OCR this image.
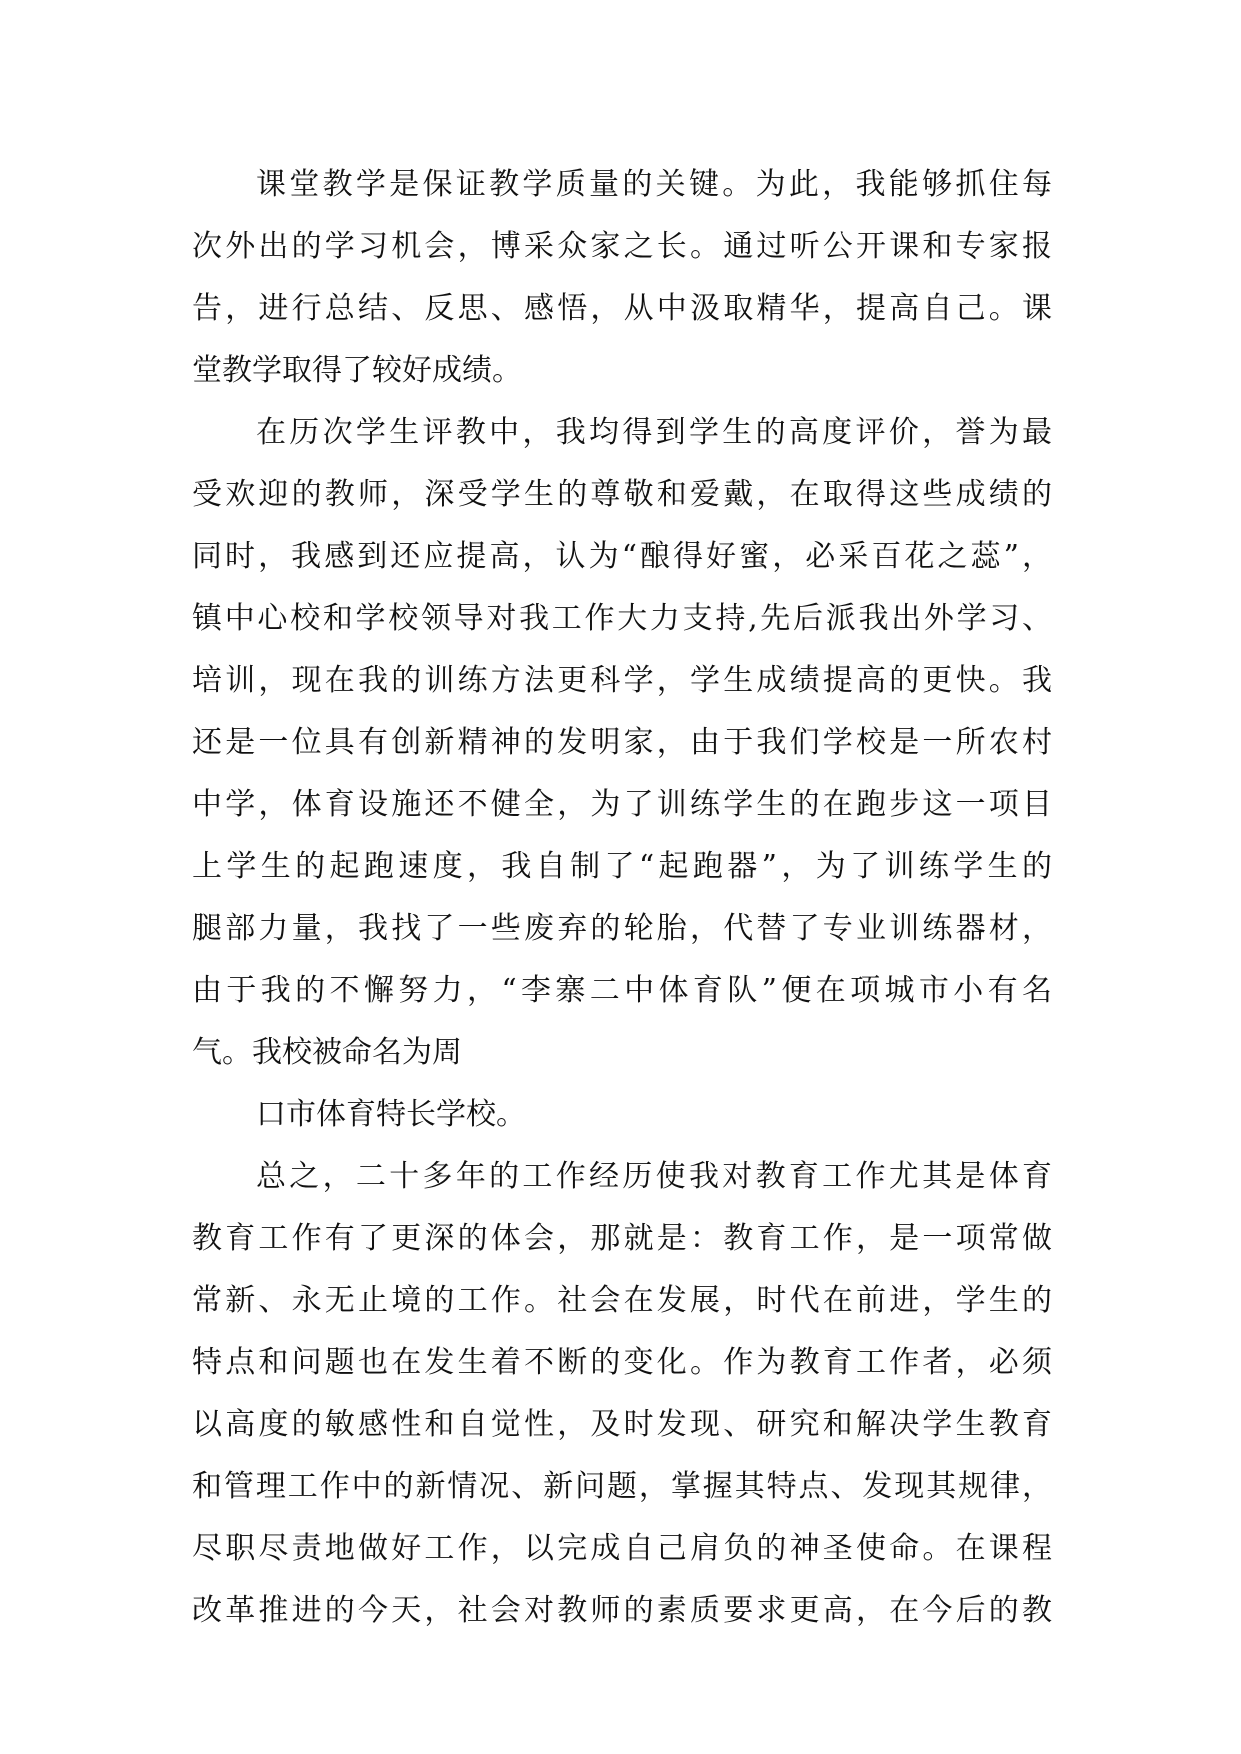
课堂教学是保证教学质量的关键。为此，我能够抓住每
次外出的学习机会，博采众家之长。通过听公开课和专家报
告，进行总结、反思、感悟，从中汲取精华，提高自己。课
堂教学取得了较好成绩。
在历次学生评教中，我均得到学生的高度评价，誉为最
受欢迎的教师，深受学生的尊敬和爱戴，在取得这些成绩的
同时，我感到还应提高，认为“酿得好蜜，必采百花之蕊”，
镇中心校和学校领导对我工作大力支持,先后派我出外学习、
培训，现在我的训练方法更科学，学生成绩提高的更快。我
还是一位具有创新精神的发明家，由于我们学校是一所农村
中学，体育设施还不健全，为了训练学生的在跑步这一项目
上学生的起跑速度，我自制了“起跑器”，为了训练学生的
腿部力量，我找了一些废弃的轮胎，代替了专业训练器材，
由于我的不懈努力，“李寨二中体育队”便在项城市小有名
气。我校被命名为周
口市体育特长学校。
总之，二十多年的工作经历使我对教育工作尤其是体育
教育工作有了更深的体会，那就是：教育工作，是一项常做
常新、永无止境的工作。社会在发展，时代在前进，学生的
特点和问题也在发生着不断的变化。作为教育工作者，必须
以高度的敏感性和自觉性，及时发现、研究和解决学生教育
和管理工作中的新情况、新问题，掌握其特点、发现其规律，
尽职尽责地做好工作，以完成自己肩负的神圣使命。在课程
改革推进的今天，社会对教师的素质要求更高，在今后的教
